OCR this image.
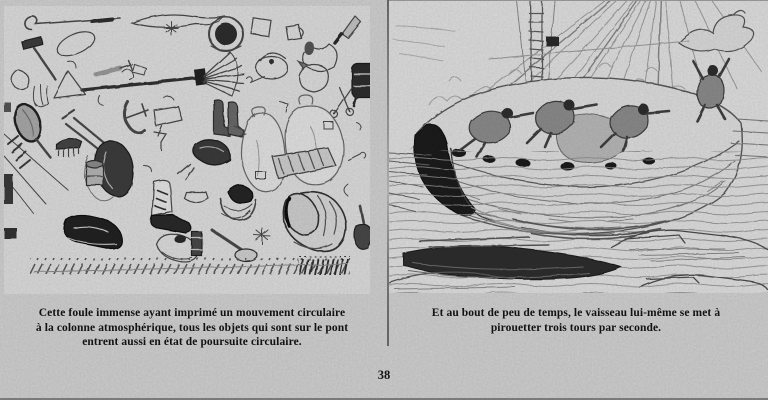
Cette foule immense ayant imprimé un mouvement circulaire
à la colonne atmosphérique, tous les objets qui sont sur le pont
entrent aussi en état de poursuite circulaire.
Et au bout de peu de temps, le vaisseau lui-même se met à
pirouetter trois tours par seconde.
38
